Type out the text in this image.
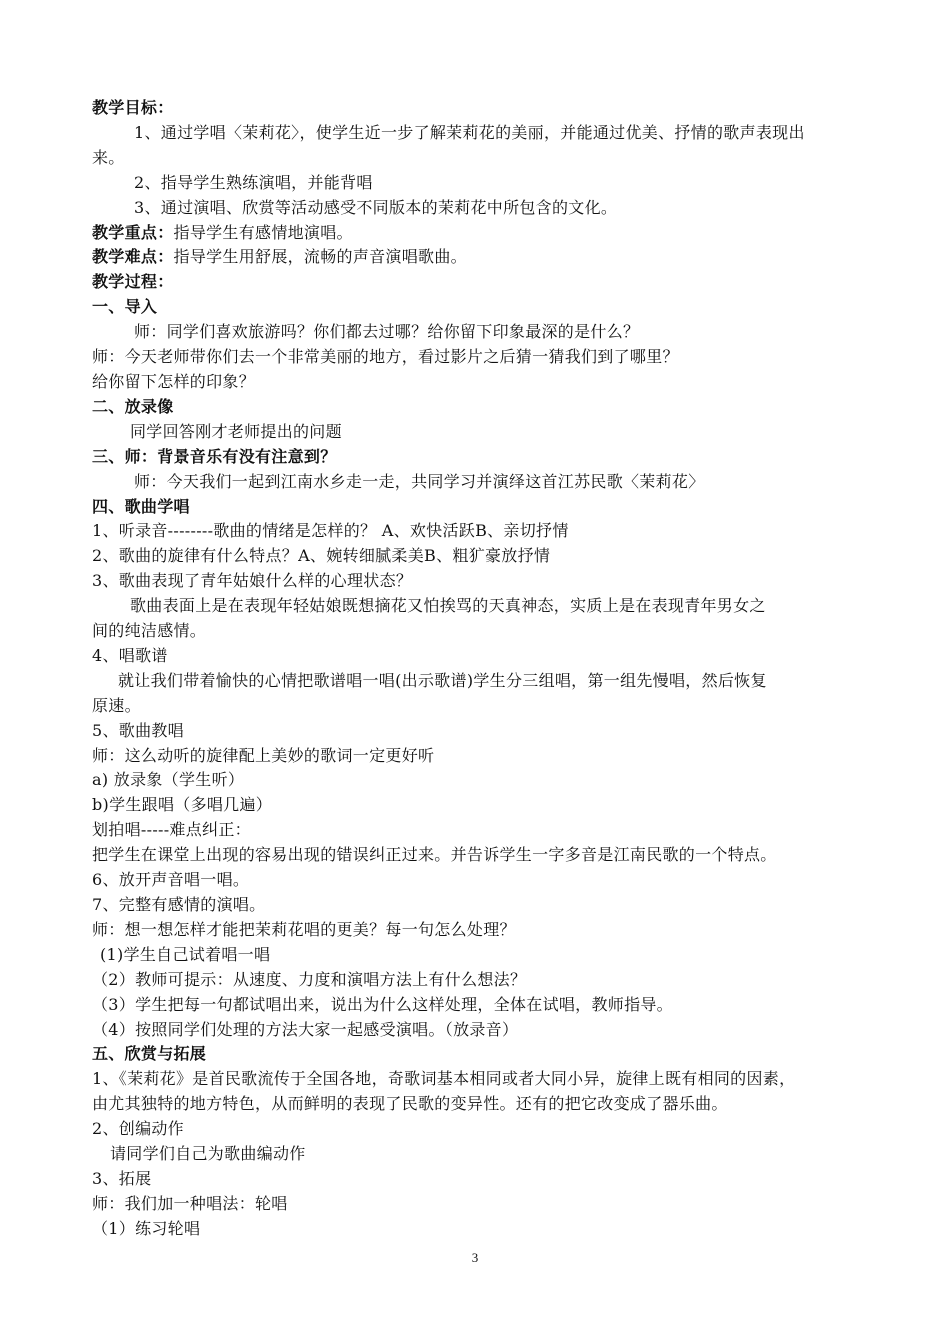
教学目标：
1、通过学唱〈茉莉花〉，使学生近一步了解茉莉花的美丽，并能通过优美、抒情的歌声表现出
来。
2、指导学生熟练演唱，并能背唱
3、通过演唱、欣赏等活动感受不同版本的茉莉花中所包含的文化。
教学重点：指导学生有感情地演唱。
教学难点：指导学生用舒展，流畅的声音演唱歌曲。
教学过程：
一、导入
师：同学们喜欢旅游吗？你们都去过哪？给你留下印象最深的是什么？
师：今天老师带你们去一个非常美丽的地方，看过影片之后猜一猜我们到了哪里？
给你留下怎样的印象？
二、放录像
同学回答刚才老师提出的问题
三、师：背景音乐有没有注意到？
师：今天我们一起到江南水乡走一走，共同学习并演绎这首江苏民歌〈茉莉花〉
四、歌曲学唱
1、听录音--------歌曲的情绪是怎样的？ A、欢快活跃B、亲切抒情
2、歌曲的旋律有什么特点？A、婉转细腻柔美B、粗犷豪放抒情
3、歌曲表现了青年姑娘什么样的心理状态？
歌曲表面上是在表现年轻姑娘既想摘花又怕挨骂的天真神态，实质上是在表现青年男女之
间的纯洁感情。
4、唱歌谱
就让我们带着愉快的心情把歌谱唱一唱(出示歌谱)学生分三组唱，第一组先慢唱，然后恢复
原速。
5、歌曲教唱
师：这么动听的旋律配上美妙的歌词一定更好听
a) 放录象（学生听）
b)学生跟唱（多唱几遍）
划拍唱-----难点纠正：
把学生在课堂上出现的容易出现的错误纠正过来。并告诉学生一字多音是江南民歌的一个特点。
6、放开声音唱一唱。
7、完整有感情的演唱。
师：想一想怎样才能把茉莉花唱的更美？每一句怎么处理？
(1)学生自己试着唱一唱
（2）教师可提示：从速度、力度和演唱方法上有什么想法？
（3）学生把每一句都试唱出来，说出为什么这样处理，全体在试唱，教师指导。
（4）按照同学们处理的方法大家一起感受演唱。（放录音）
五、欣赏与拓展
1、《茉莉花》是首民歌流传于全国各地，奇歌词基本相同或者大同小异，旋律上既有相同的因素，
由尤其独特的地方特色，从而鲜明的表现了民歌的变异性。还有的把它改变成了器乐曲。
2、创编动作
请同学们自己为歌曲编动作
3、拓展
师：我们加一种唱法：轮唱
（1）练习轮唱
3
